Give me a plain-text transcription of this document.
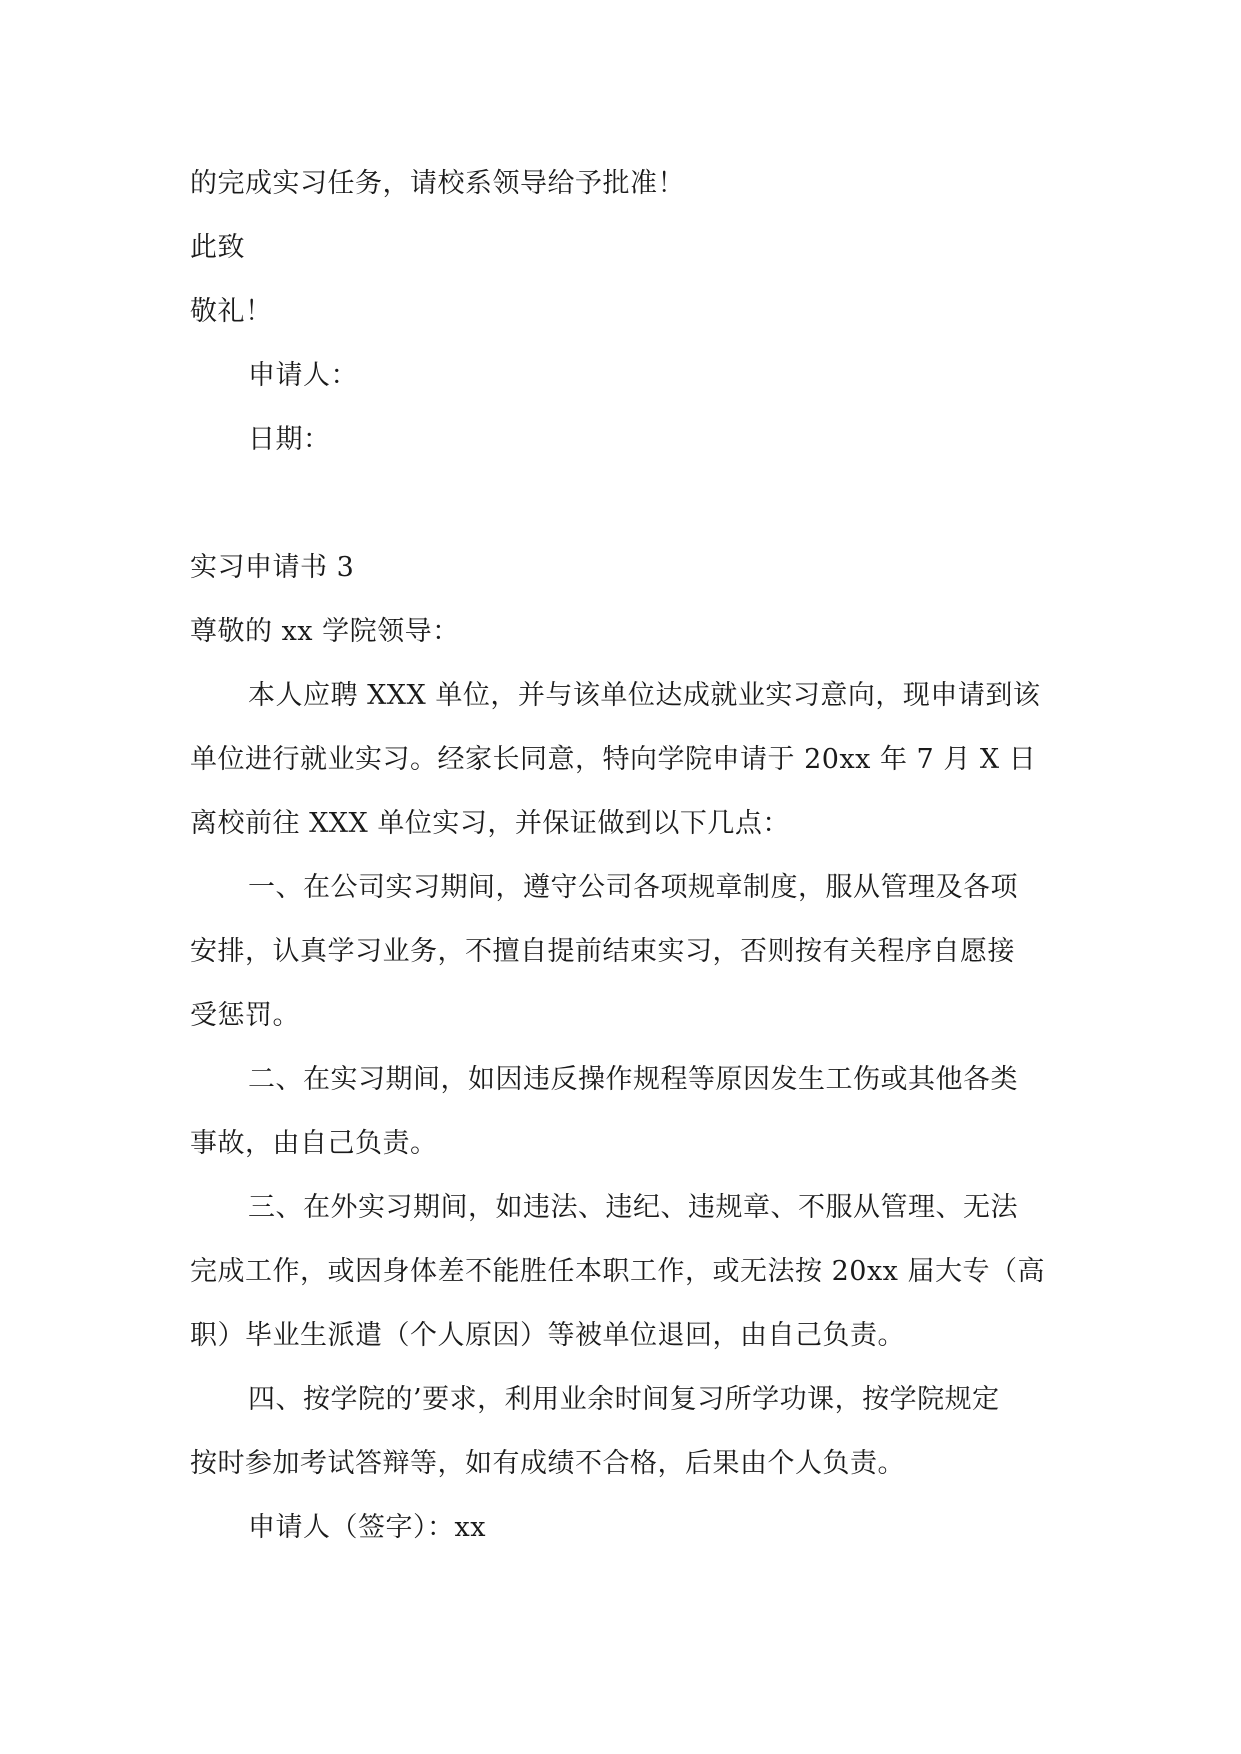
的完成实习任务，请校系领导给予批准！
此致
敬礼！
申请人：
日期：
实习申请书 3
尊敬的 xx 学院领导：
本人应聘 XXX 单位，并与该单位达成就业实习意向，现申请到该
单位进行就业实习。经家长同意，特向学院申请于 20xx 年 7 月 X 日
离校前往 XXX 单位实习，并保证做到以下几点：
一、在公司实习期间，遵守公司各项规章制度，服从管理及各项
安排，认真学习业务，不擅自提前结束实习，否则按有关程序自愿接
受惩罚。
二、在实习期间，如因违反操作规程等原因发生工伤或其他各类
事故，由自己负责。
三、在外实习期间，如违法、违纪、违规章、不服从管理、无法
完成工作，或因身体差不能胜任本职工作，或无法按 20xx 届大专（高
职）毕业生派遣（个人原因）等被单位退回，由自己负责。
四、按学院的’要求，利用业余时间复习所学功课，按学院规定
按时参加考试答辩等，如有成绩不合格，后果由个人负责。
申请人（签字）：xx
